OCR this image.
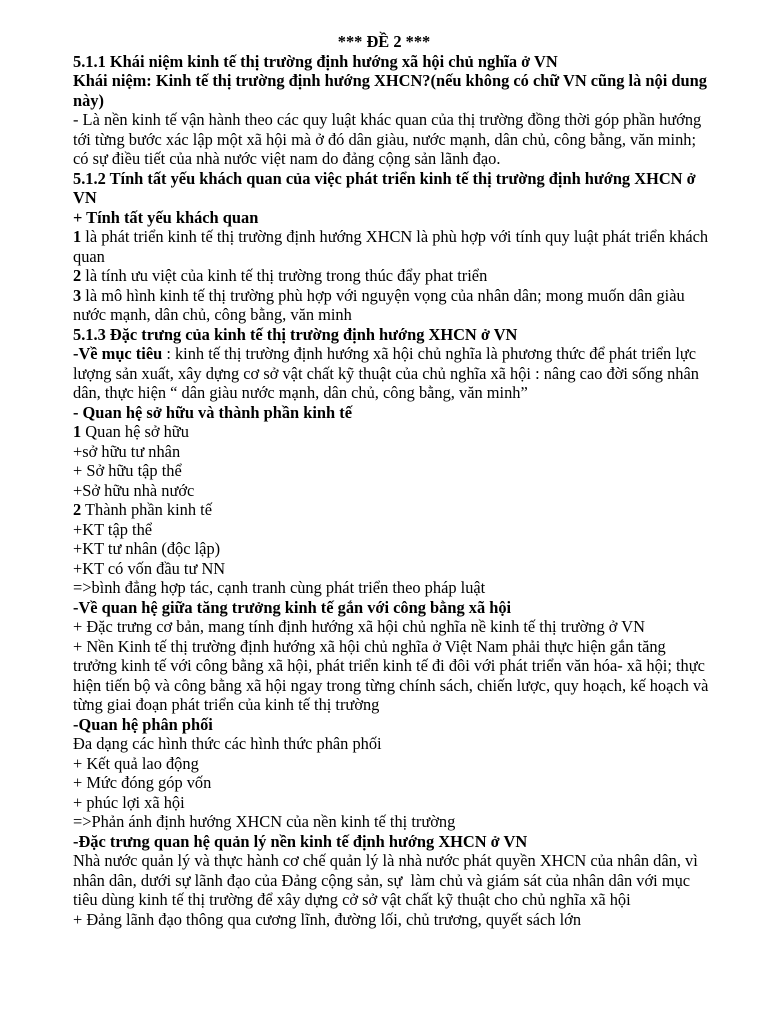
*** ĐỀ 2 ***

5.1.1 Khái niệm kinh tế thị trường định hướng xã hội chủ nghĩa ở VN

Khái niệm: Kinh tế thị trường định hướng XHCN?(nếu không có chữ VN cũng là nội dung này)

- Là nền kinh tế vận hành theo các quy luật khác quan của thị trường đồng thời góp phần hướng tới từng bước xác lập một xã hội mà ở đó dân giàu, nước mạnh, dân chủ, công bằng, văn minh; có sự điều tiết của nhà nước việt nam do đảng cộng sản lãnh đạo.

5.1.2 Tính tất yếu khách quan của việc phát triển kinh tế thị trường định hướng XHCN ở VN

+ Tính tất yếu khách quan

1 là phát triển kinh tế thị trường định hướng XHCN là phù hợp với tính quy luật phát triển khách quan

2 là tính ưu việt của kinh tế thị trường trong thúc đẩy phat triển

3 là mô hình kinh tế thị trường phù hợp với nguyện vọng của nhân dân; mong muốn dân giàu nước mạnh, dân chủ, công bằng, văn minh

5.1.3 Đặc trưng của kinh tế thị trường định hướng XHCN ở VN

-Về mục tiêu : kinh tế thị trường định hướng xã hội chủ nghĩa là phương thức để phát triển lực lượng sản xuất, xây dựng cơ sở vật chất kỹ thuật của chủ nghĩa xã hội : nâng cao đời sống nhân dân, thực hiện “ dân giàu nước mạnh, dân chủ, công bằng, văn minh”

- Quan hệ sở hữu và thành phần kinh tế

1 Quan hệ sở hữu

+sở hữu tư nhân

+ Sở hữu tập thể

+Sở hữu nhà nước

2 Thành phần kinh tế

+KT tập thể

+KT tư nhân (độc lập)

+KT có vốn đầu tư NN

=>bình đẳng hợp tác, cạnh tranh cùng phát triển theo pháp luật

-Về quan hệ giữa tăng trưởng kinh tế gắn với công bằng xã hội

+ Đặc trưng cơ bản, mang tính định hướng xã hội chủ nghĩa nề kinh tế thị trường ở VN

+ Nền Kinh tế thị trường định hướng xã hội chủ nghĩa ở Việt Nam phải thực hiện gắn tăng trưởng kinh tế với công bằng xã hội, phát triển kinh tế đi đôi với phát triển văn hóa- xã hội; thực hiện tiến bộ và công bằng xã hội ngay trong từng chính sách, chiến lược, quy hoạch, kế hoạch và từng giai đoạn phát triển của kinh tế thị trường

-Quan hệ phân phối

Đa dạng các hình thức các hình thức phân phối

+ Kết quả lao động

+ Mức đóng góp vốn

+ phúc lợi xã hội

=>Phản ánh định hướng XHCN của nền kinh tế thị trường

-Đặc trưng quan hệ quản lý nền kinh tế định hướng XHCN ở VN

Nhà nước quản lý và thực hành cơ chế quản lý là nhà nước phát quyền XHCN của nhân dân, vì nhân dân, dưới sự lãnh đạo của Đảng cộng sản, sự  làm chủ và giám sát của nhân dân với mục tiêu dùng kinh tế thị trường để xây dựng cở sở vật chất kỹ thuật cho chủ nghĩa xã hội

+ Đảng lãnh đạo thông qua cương lĩnh, đường lối, chủ trương, quyết sách lớn
